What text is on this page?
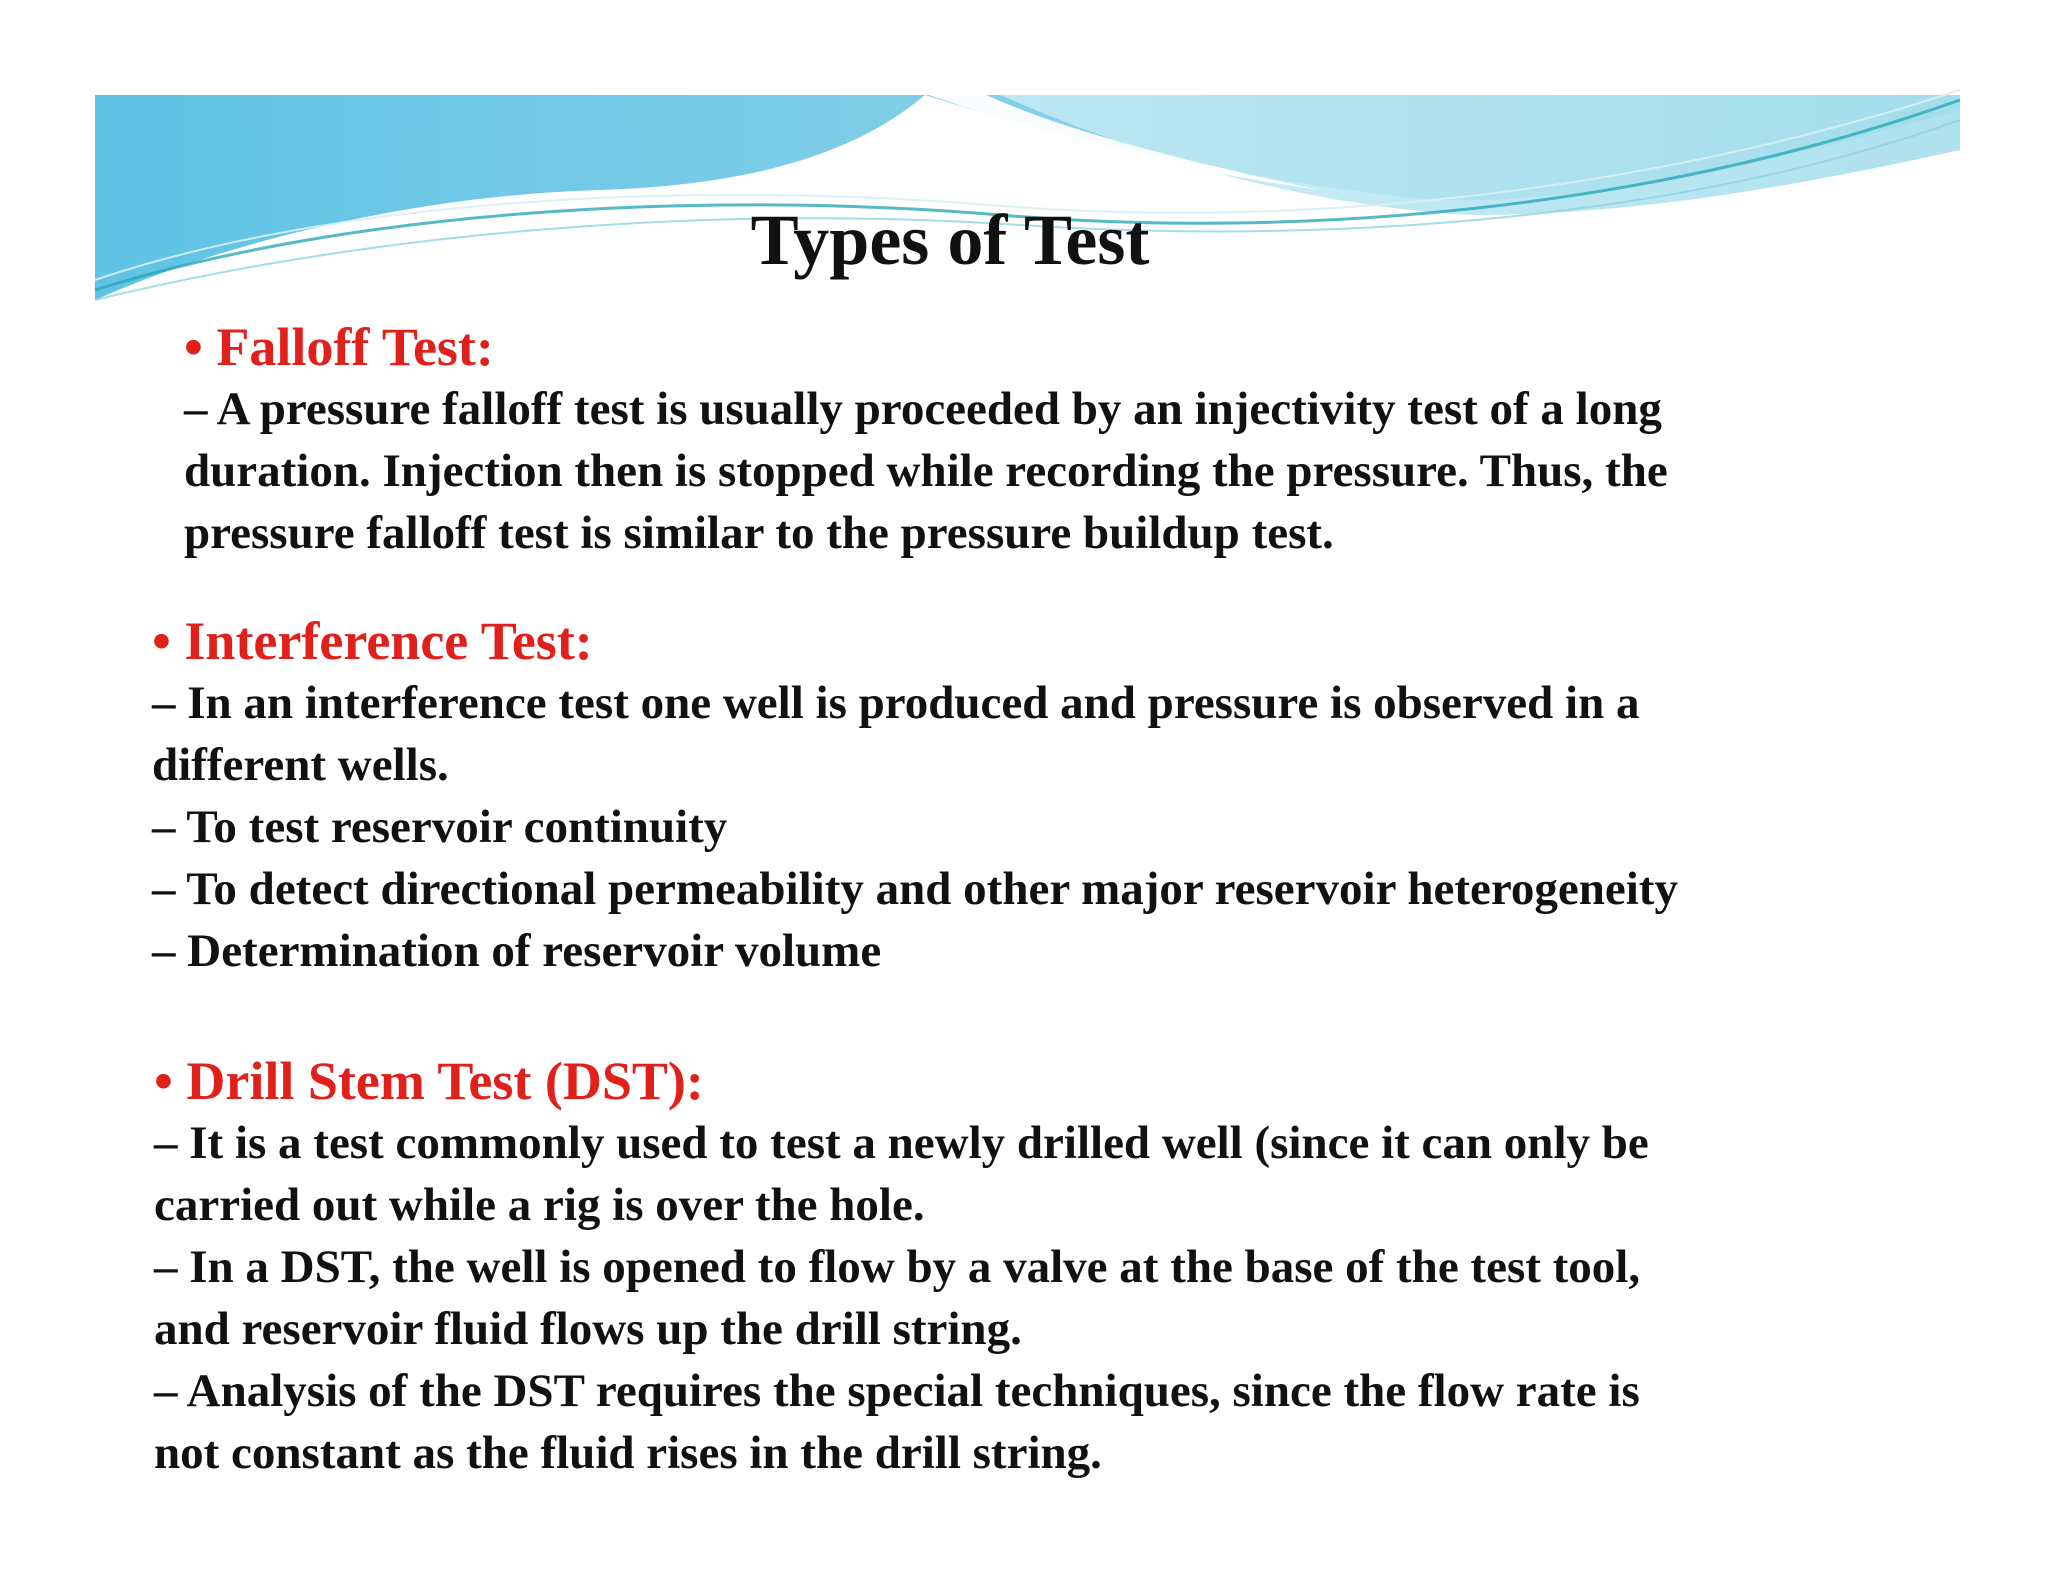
Types of Test
• Falloff Test:
– A pressure falloff test is usually proceeded by an injectivity test of a long
duration. Injection then is stopped while recording the pressure. Thus, the
pressure falloff test is similar to the pressure buildup test.
• Interference Test:
– In an interference test one well is produced and pressure is observed in a
different wells.
– To test reservoir continuity
– To detect directional permeability and other major reservoir heterogeneity
– Determination of reservoir volume
• Drill Stem Test (DST):
– It is a test commonly used to test a newly drilled well (since it can only be
carried out while a rig is over the hole.
– In a DST, the well is opened to flow by a valve at the base of the test tool,
and reservoir fluid flows up the drill string.
– Analysis of the DST requires the special techniques, since the flow rate is
not constant as the fluid rises in the drill string.
